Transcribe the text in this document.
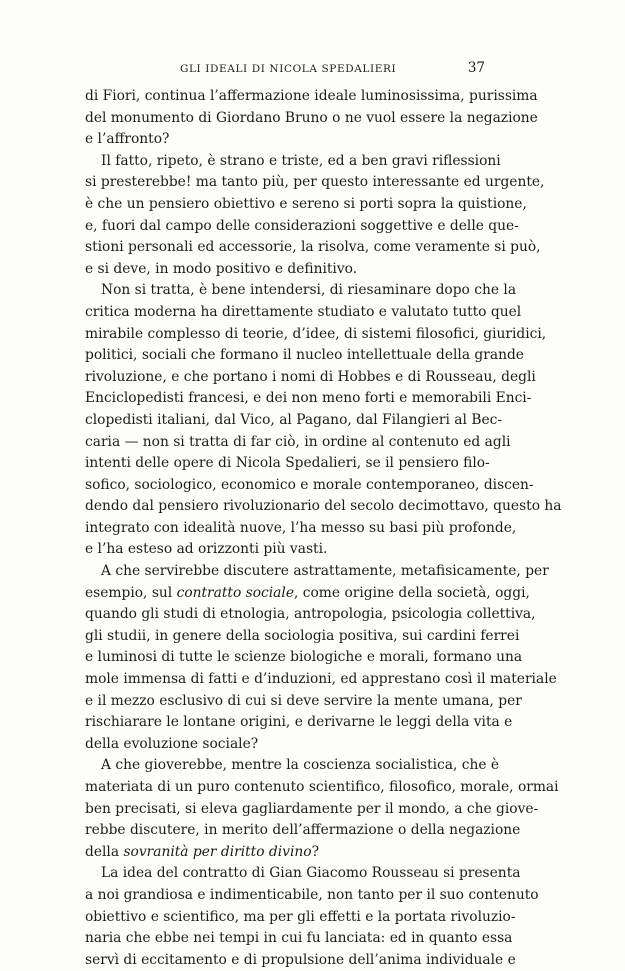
GLI IDEALI DI NICOLA SPEDALIERI	37
di Fiori, continua l’affermazione ideale luminosissima, purissima
del monumento di Giordano Bruno o ne vuol essere la negazione
e l’affronto?
Il fatto, ripeto, è strano e triste, ed a ben gravi riflessioni
si presterebbe! ma tanto più, per questo interessante ed urgente,
è che un pensiero obiettivo e sereno si porti sopra la quistione,
e, fuori dal campo delle considerazioni soggettive e delle que-
stioni personali ed accessorie, la risolva, come veramente si può,
e si deve, in modo positivo e definitivo.
Non si tratta, è bene intendersi, di riesaminare dopo che la
critica moderna ha direttamente studiato e valutato tutto quel
mirabile complesso di teorie, d’idee, di sistemi filosofici, giuridici,
politici, sociali che formano il nucleo intellettuale della grande
rivoluzione, e che portano i nomi di Hobbes e di Rousseau, degli
Enciclopedisti francesi, e dei non meno forti e memorabili Enci-
clopedisti italiani, dal Vico, al Pagano, dal Filangieri al Bec-
caria — non si tratta di far ciò, in ordine al contenuto ed agli
intenti delle opere di Nicola Spedalieri, se il pensiero filo-
sofico, sociologico, economico e morale contemporaneo, discen-
dendo dal pensiero rivoluzionario del secolo decimottavo, questo ha
integrato con idealità nuove, l’ha messo su basi più profonde,
e l’ha esteso ad orizzonti più vasti.
A che servirebbe discutere astrattamente, metafisicamente, per
esempio, sul contratto sociale, come origine della società, oggi,
quando gli studi di etnologia, antropologia, psicologia collettiva,
gli studii, in genere della sociologia positiva, sui cardini ferrei
e luminosi di tutte le scienze biologiche e morali, formano una
mole immensa di fatti e d’induzioni, ed apprestano così il materiale
e il mezzo esclusivo di cui si deve servire la mente umana, per
rischiarare le lontane origini, e derivarne le leggi della vita e
della evoluzione sociale?
A che gioverebbe, mentre la coscienza socialistica, che è
materiata di un puro contenuto scientifico, filosofico, morale, ormai
ben precisati, si eleva gagliardamente per il mondo, a che giove-
rebbe discutere, in merito dell’affermazione o della negazione
della sovranità per diritto divino?
La idea del contratto di Gian Giacomo Rousseau si presenta
a noi grandiosa e indimenticabile, non tanto per il suo contenuto
obiettivo e scientifico, ma per gli effetti e la portata rivoluzio-
naria che ebbe nei tempi in cui fu lanciata: ed in quanto essa
servì di eccitamento e di propulsione dell’anima individuale e
